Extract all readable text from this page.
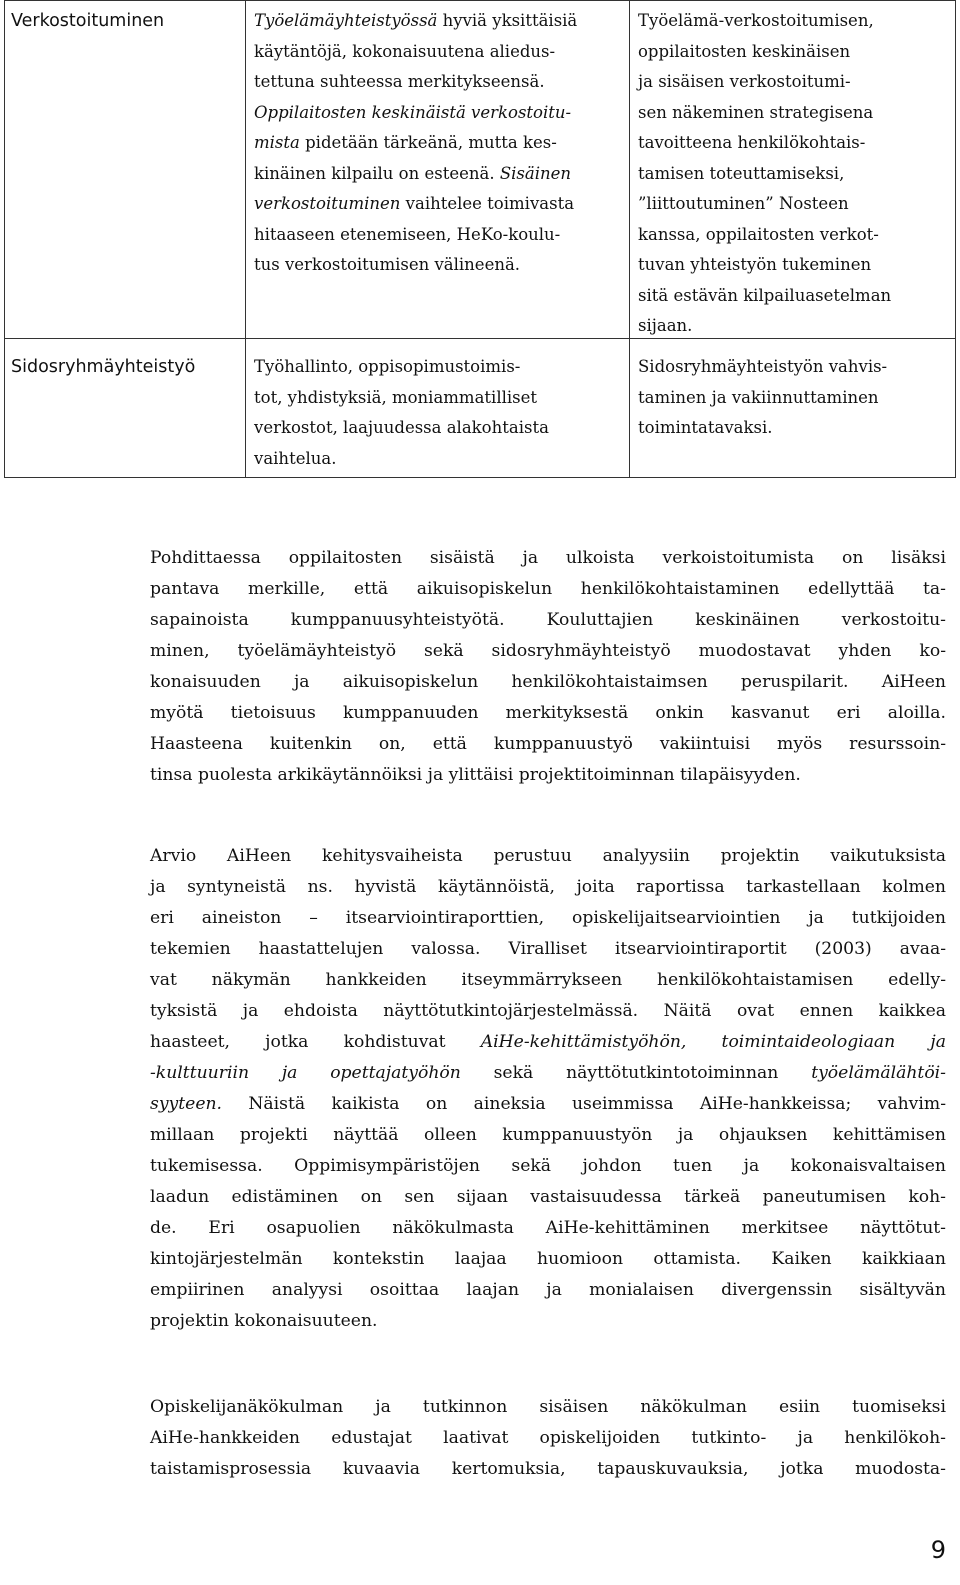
Verkostoituminen	Työelämäyhteistyössä hyviä yksittäisiä
käytäntöjä, kokonaisuutena aliedus-
tettuna suhteessa merkitykseensä.
Oppilaitosten keskinäistä verkostoitu-
mista pidetään tärkeänä, mutta kes-
kinäinen kilpailu on esteenä. Sisäinen
verkostoituminen vaihtelee toimivasta
hitaaseen etenemiseen, HeKo-koulu-
tus verkostoitumisen välineenä.
Työelämä-verkostoitumisen,
oppilaitosten keskinäisen
ja sisäisen verkostoitumi-
sen näkeminen strategisena
tavoitteena henkilökohtais-
tamisen toteuttamiseksi,
”liittoutuminen” Nosteen
kanssa, oppilaitosten verkot-
tuvan yhteistyön tukeminen
sitä estävän kilpailuasetelman
sijaan.
Sidosryhmäyhteistyö	Työhallinto, oppisopimustoimis-
tot, yhdistyksiä, moniammatilliset
verkostot, laajuudessa alakohtaista
vaihtelua.
Sidosryhmäyhteistyön vahvis-
taminen ja vakiinnuttaminen
toimintatavaksi.
Pohdittaessa oppilaitosten sisäistä ja ulkoista verkoistoitumista on lisäksi
pantava merkille, että aikuisopiskelun henkilökohtaistaminen edellyttää ta-
sapainoista kumppanuusyhteistyötä. Kouluttajien keskinäinen verkostoitu-
minen, työelämäyhteistyö sekä sidosryhmäyhteistyö muodostavat yhden ko-
konaisuuden ja aikuisopiskelun henkilökohtaistaimsen peruspilarit. AiHeen
myötä tietoisuus kumppanuuden merkityksestä onkin kasvanut eri aloilla.
Haasteena kuitenkin on, että kumppanuustyö vakiintuisi myös resurssoin-
tinsa puolesta arkikäytännöiksi ja ylittäisi projektitoiminnan tilapäisyyden.
Arvio AiHeen kehitysvaiheista perustuu analyysiin projektin vaikutuksista
ja syntyneistä ns. hyvistä käytännöistä, joita raportissa tarkastellaan kolmen
eri aineiston – itsearviointiraporttien, opiskelijaitsearviointien ja tutkijoiden
tekemien haastattelujen valossa. Viralliset itsearviointiraportit (2003) avaa-
vat näkymän hankkeiden itseymmärrykseen henkilökohtaistamisen edelly-
tyksistä ja ehdoista näyttötutkintojärjestelmässä. Näitä ovat ennen kaikkea
haasteet, jotka kohdistuvat AiHe-kehittämistyöhön, toimintaideologiaan ja
-kulttuuriin ja opettajatyöhön sekä näyttötutkintotoiminnan työelämälähtöi-
syyteen. Näistä kaikista on aineksia useimmissa AiHe-hankkeissa; vahvim-
millaan projekti näyttää olleen kumppanuustyön ja ohjauksen kehittämisen
tukemisessa. Oppimisympäristöjen sekä johdon tuen ja kokonaisvaltaisen
laadun edistäminen on sen sijaan vastaisuudessa tärkeä paneutumisen koh-
de. Eri osapuolien näkökulmasta AiHe-kehittäminen merkitsee näyttötut-
kintojärjestelmän kontekstin laajaa huomioon ottamista. Kaiken kaikkiaan
empiirinen analyysi osoittaa laajan ja monialaisen divergenssin sisältyvän
projektin kokonaisuuteen.
Opiskelijanäkökulman ja tutkinnon sisäisen näkökulman esiin tuomiseksi
AiHe-hankkeiden edustajat laativat opiskelijoiden tutkinto- ja henkilökoh-
taistamisprosessia kuvaavia kertomuksia, tapauskuvauksia, jotka muodosta-
9
